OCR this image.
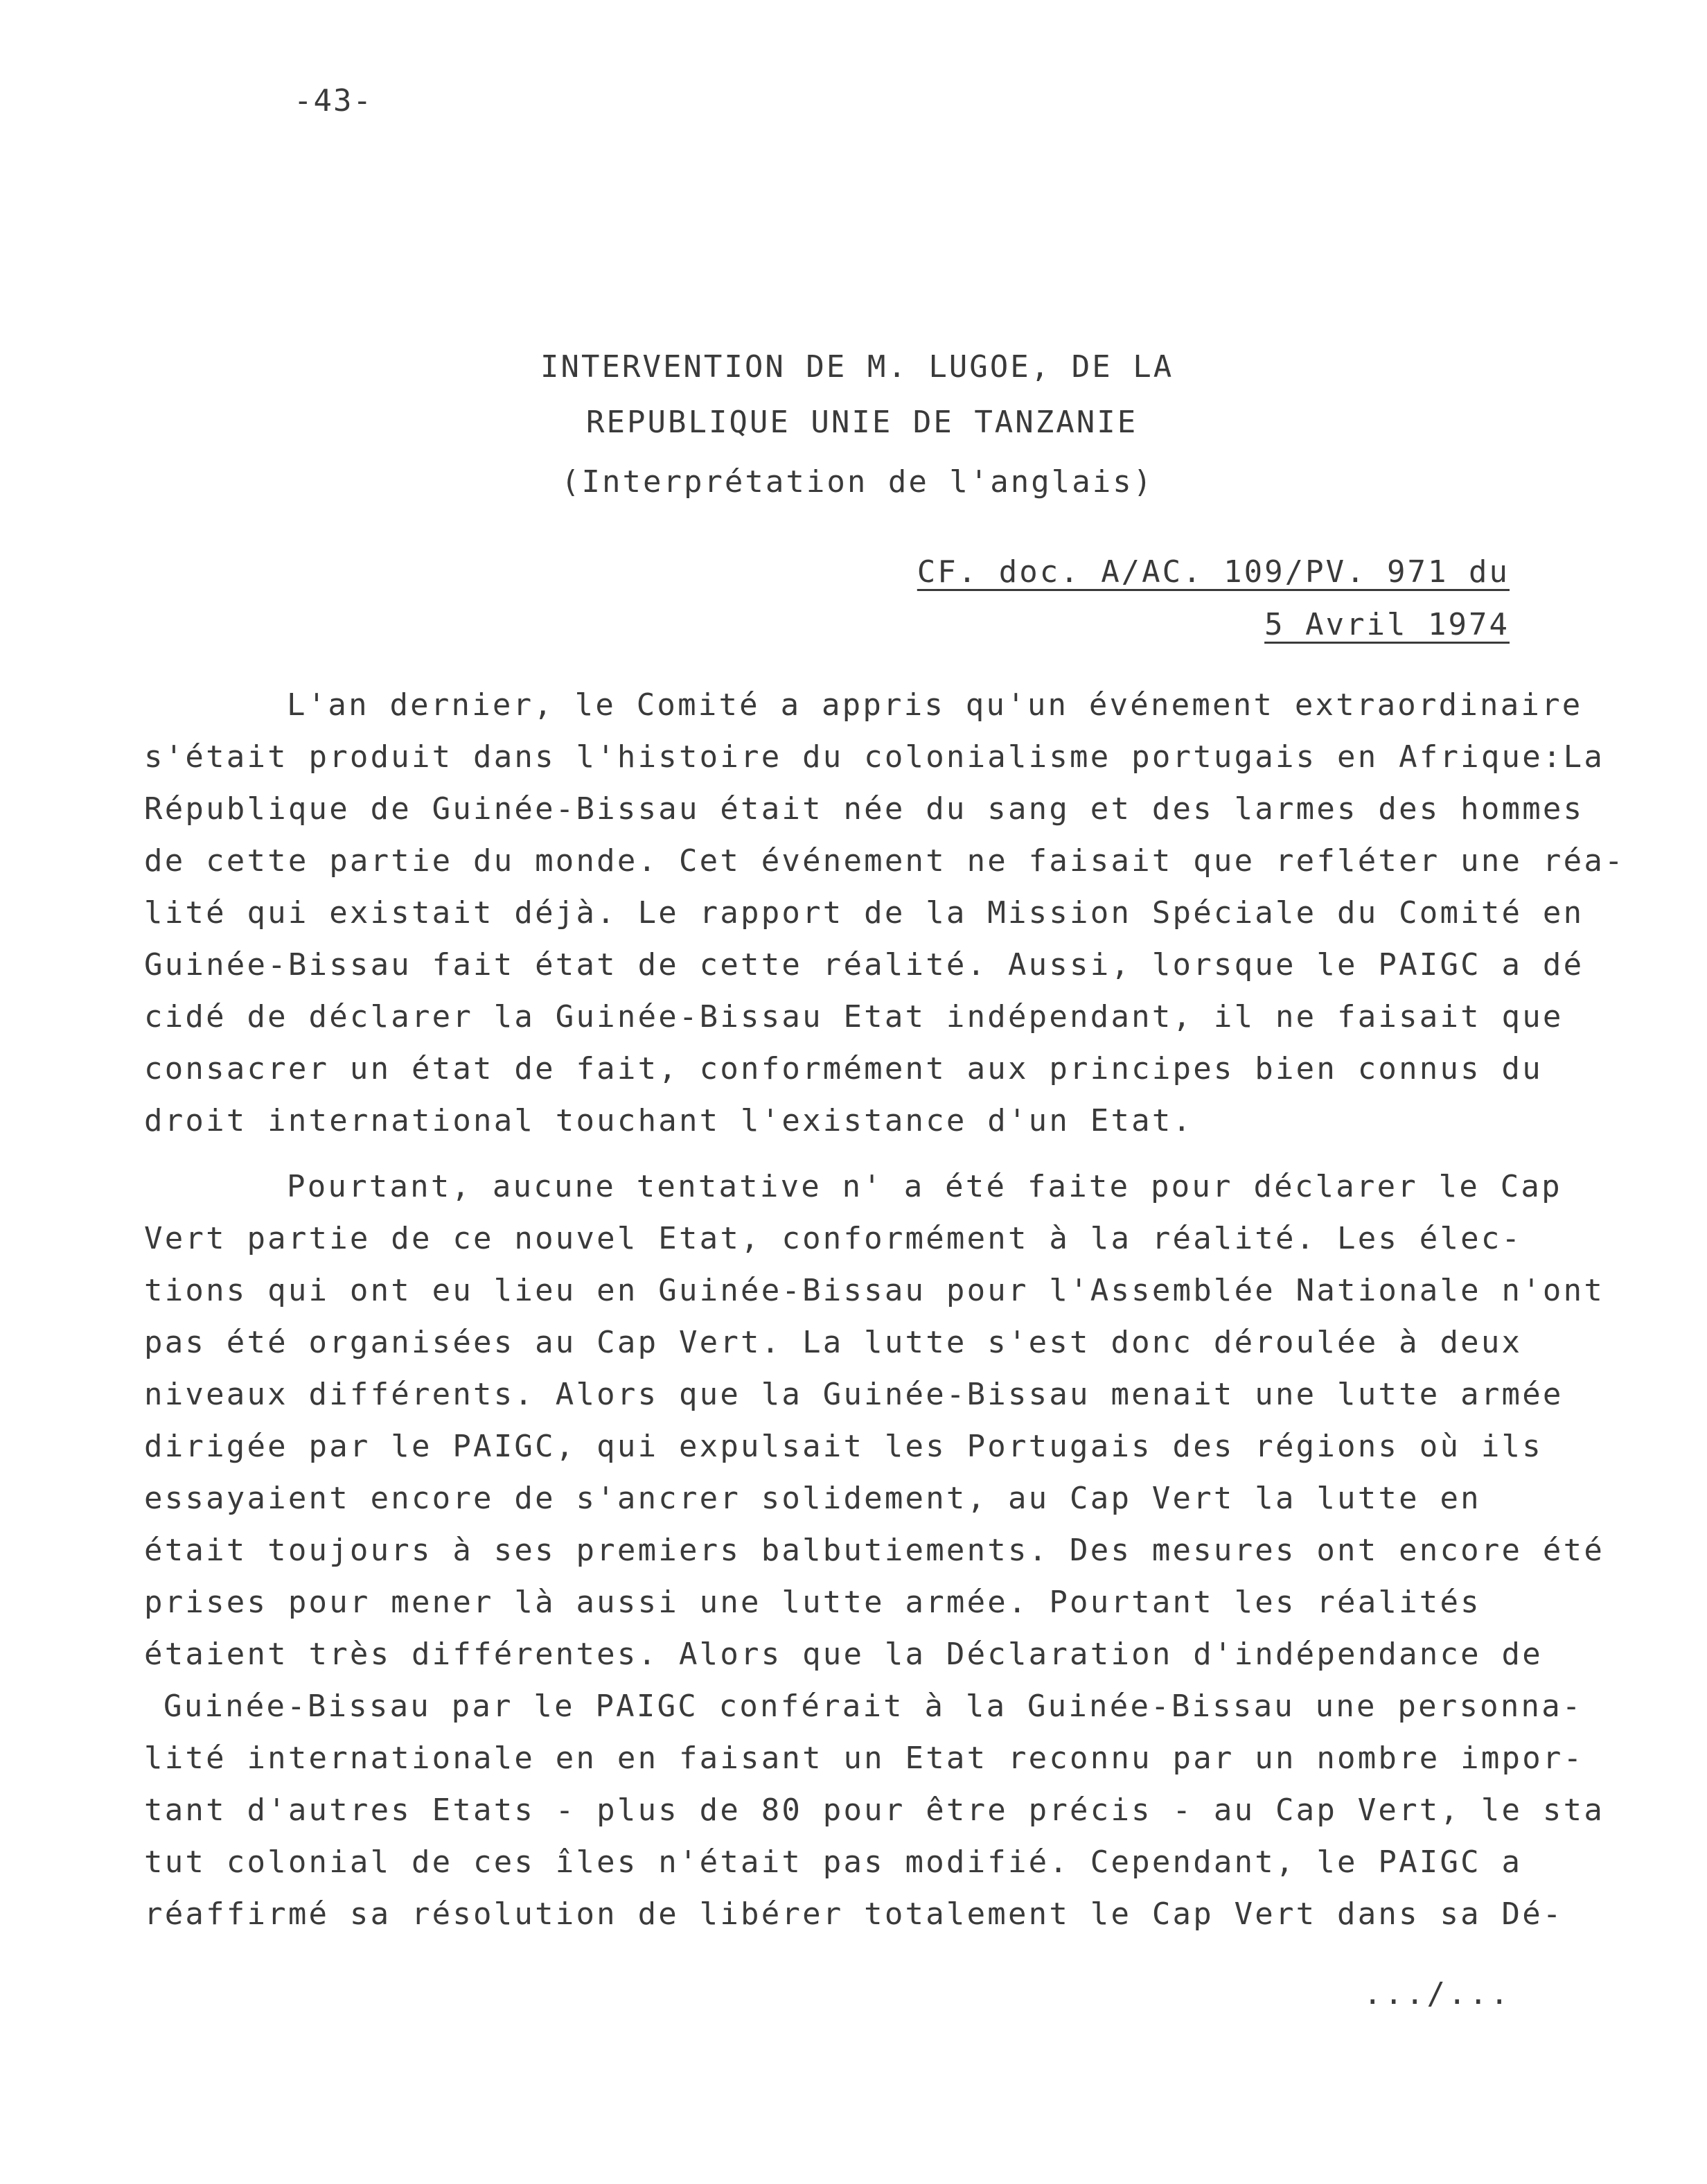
-43-
INTERVENTION DE M. LUGOE, DE LA
REPUBLIQUE UNIE DE TANZANIE
(Interprétation de l'anglais)
CF. doc. A/AC. 109/PV. 971 du
5 Avril 1974
L'an dernier, le Comité a appris qu'un événement extraordinaire
s'était produit dans l'histoire du colonialisme portugais en Afrique:La
République de Guinée-Bissau était née du sang et des larmes des hommes
de cette partie du monde. Cet événement ne faisait que refléter une réa-
lité qui existait déjà. Le rapport de la Mission Spéciale du Comité en
Guinée-Bissau fait état de cette réalité. Aussi, lorsque le PAIGC a dé
cidé de déclarer la Guinée-Bissau Etat indépendant, il ne faisait que
consacrer un état de fait, conformément aux principes bien connus du
droit international touchant l'existance d'un Etat.
Pourtant, aucune tentative n' a été faite pour déclarer le Cap
Vert partie de ce nouvel Etat, conformément à la réalité. Les élec-
tions qui ont eu lieu en Guinée-Bissau pour l'Assemblée Nationale n'ont
pas été organisées au Cap Vert. La lutte s'est donc déroulée à deux
niveaux différents. Alors que la Guinée-Bissau menait une lutte armée
dirigée par le PAIGC, qui expulsait les Portugais des régions où ils
essayaient encore de s'ancrer solidement, au Cap Vert la lutte en
était toujours à ses premiers balbutiements. Des mesures ont encore été
prises pour mener là aussi une lutte armée. Pourtant les réalités
étaient très différentes. Alors que la Déclaration d'indépendance de
Guinée-Bissau par le PAIGC conférait à la Guinée-Bissau une personna-
lité internationale en en faisant un Etat reconnu par un nombre impor-
tant d'autres Etats - plus de 80 pour être précis - au Cap Vert, le sta
tut colonial de ces îles n'était pas modifié. Cependant, le PAIGC a
réaffirmé sa résolution de libérer totalement le Cap Vert dans sa Dé-
.../...
